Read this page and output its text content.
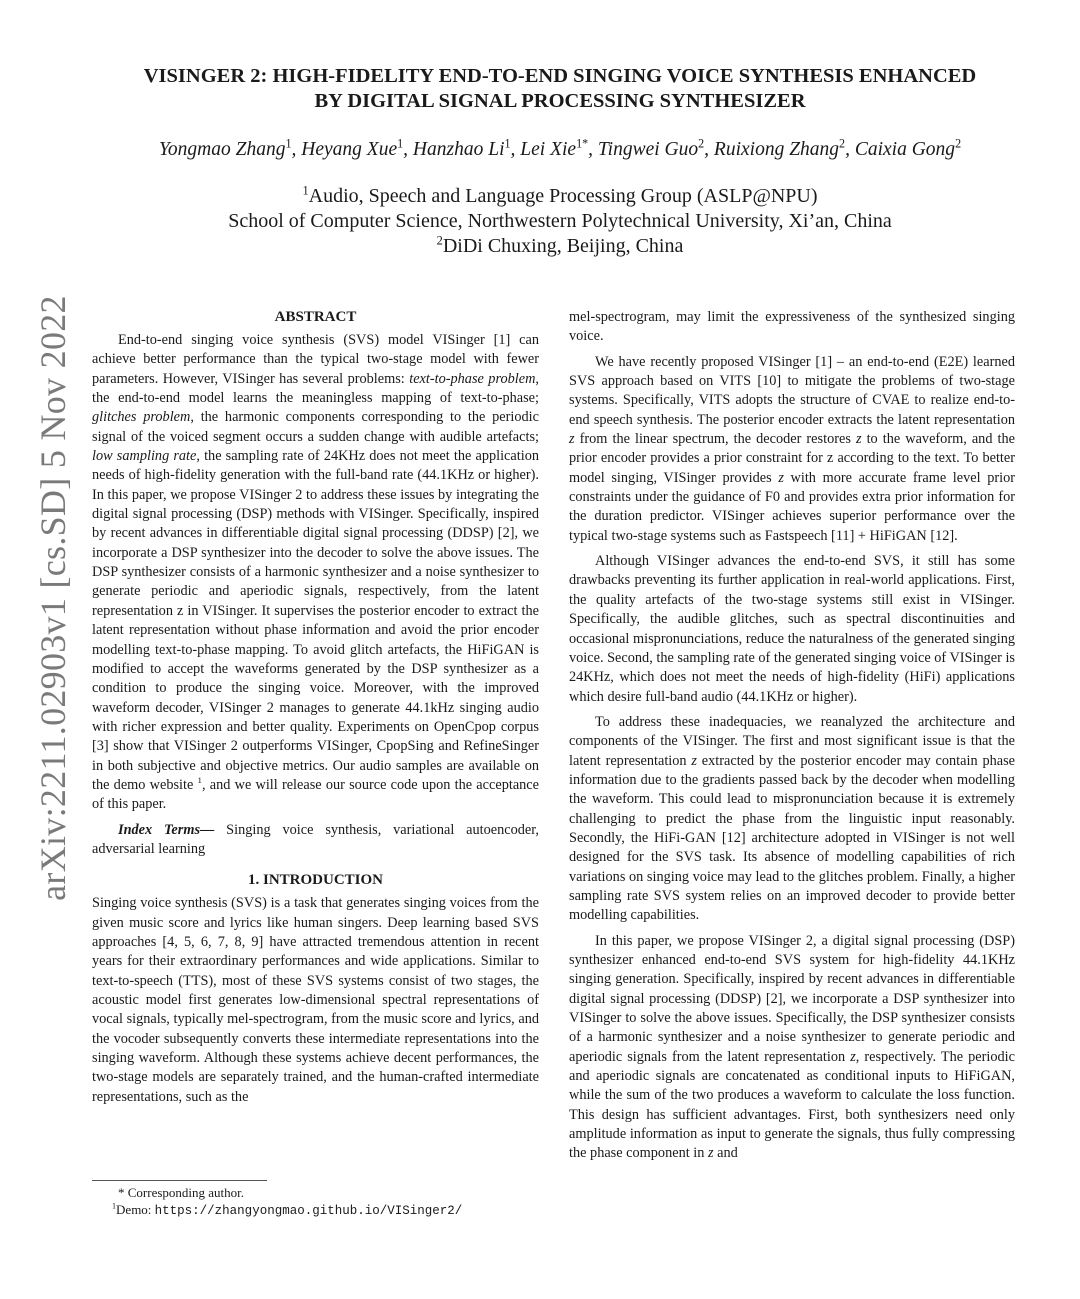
VISINGER 2: HIGH-FIDELITY END-TO-END SINGING VOICE SYNTHESIS ENHANCED
BY DIGITAL SIGNAL PROCESSING SYNTHESIZER
Yongmao Zhang$^1$, Heyang Xue$^1$, Hanzhao Li$^1$, Lei Xie$^{1*}$, Tingwei Guo$^2$, Ruixiong Zhang$^2$, Caixia Gong$^2$
$^1$Audio, Speech and Language Processing Group (ASLP@NPU)
School of Computer Science, Northwestern Polytechnical University, Xi’an, China
$^2$DiDi Chuxing, Beijing, China
arXiv:2211.02903v1 [cs.SD] 5 Nov 2022	ABSTRACT

End-to-end singing voice synthesis (SVS) model VISinger [1] can achieve better performance than the typical two-stage model with fewer parameters. However, VISinger has several problems: text-to-phase problem, the end-to-end model learns the meaningless mapping of text-to-phase; glitches problem, the harmonic components corresponding to the periodic signal of the voiced segment occurs a sudden change with audible artefacts; low sampling rate, the sampling rate of 24KHz does not meet the application needs of high-fidelity generation with the full-band rate (44.1KHz or higher). In this paper, we propose VISinger 2 to address these issues by integrating the digital signal processing (DSP) methods with VISinger. Specifically, inspired by recent advances in differentiable digital signal processing (DDSP) [2], we incorporate a DSP synthesizer into the decoder to solve the above issues. The DSP synthesizer consists of a harmonic synthesizer and a noise synthesizer to generate periodic and aperiodic signals, respectively, from the latent representation z in VISinger. It supervises the posterior encoder to extract the latent representation without phase information and avoid the prior encoder modelling text-to-phase mapping. To avoid glitch artefacts, the HiFiGAN is modified to accept the waveforms generated by the DSP synthesizer as a condition to produce the singing voice. Moreover, with the improved waveform decoder, VISinger 2 manages to generate 44.1kHz singing audio with richer expression and better quality. Experiments on OpenCpop corpus [3] show that VISinger 2 outperforms VISinger, CpopSing and RefineSinger in both subjective and objective metrics. Our audio samples are available on the demo website $^1$, and we will release our source code upon the acceptance of this paper.

Index Terms— Singing voice synthesis, variational autoencoder, adversarial learning

1. INTRODUCTION

Singing voice synthesis (SVS) is a task that generates singing voices from the given music score and lyrics like human singers. Deep learning based SVS approaches [4, 5, 6, 7, 8, 9] have attracted tremendous attention in recent years for their extraordinary performances and wide applications. Similar to text-to-speech (TTS), most of these SVS systems consist of two stages, the acoustic model first generates low-dimensional spectral representations of vocal signals, typically mel-spectrogram, from the music score and lyrics, and the vocoder subsequently converts these intermediate representations into the singing waveform. Although these systems achieve decent performances, the two-stage models are separately trained, and the human-crafted intermediate representations, such as the

* Corresponding author.
$^1$Demo: https://zhangyongmao.github.io/VISinger2/

mel-spectrogram, may limit the expressiveness of the synthesized singing voice.

We have recently proposed VISinger [1] – an end-to-end (E2E) learned SVS approach based on VITS [10] to mitigate the problems of two-stage systems. Specifically, VITS adopts the structure of CVAE to realize end-to-end speech synthesis. The posterior encoder extracts the latent representation z from the linear spectrum, the decoder restores z to the waveform, and the prior encoder provides a prior constraint for z according to the text. To better model singing, VISinger provides z with more accurate frame level prior constraints under the guidance of F0 and provides extra prior information for the duration predictor. VISinger achieves superior performance over the typical two-stage systems such as Fastspeech [11] + HiFiGAN [12].

Although VISinger advances the end-to-end SVS, it still has some drawbacks preventing its further application in real-world applications. First, the quality artefacts of the two-stage systems still exist in VISinger. Specifically, the audible glitches, such as spectral discontinuities and occasional mispronunciations, reduce the naturalness of the generated singing voice. Second, the sampling rate of the generated singing voice of VISinger is 24KHz, which does not meet the needs of high-fidelity (HiFi) applications which desire full-band audio (44.1KHz or higher).

To address these inadequacies, we reanalyzed the architecture and components of the VISinger. The first and most significant issue is that the latent representation z extracted by the posterior encoder may contain phase information due to the gradients passed back by the decoder when modelling the waveform. This could lead to mispronunciation because it is extremely challenging to predict the phase from the linguistic input reasonably. Secondly, the HiFi-GAN [12] architecture adopted in VISinger is not well designed for the SVS task. Its absence of modelling capabilities of rich variations on singing voice may lead to the glitches problem. Finally, a higher sampling rate SVS system relies on an improved decoder to provide better modelling capabilities.

In this paper, we propose VISinger 2, a digital signal processing (DSP) synthesizer enhanced end-to-end SVS system for high-fidelity 44.1KHz singing generation. Specifically, inspired by recent advances in differentiable digital signal processing (DDSP) [2], we incorporate a DSP synthesizer into VISinger to solve the above issues. Specifically, the DSP synthesizer consists of a harmonic synthesizer and a noise synthesizer to generate periodic and aperiodic signals from the latent representation z, respectively. The periodic and aperiodic signals are concatenated as conditional inputs to HiFiGAN, while the sum of the two produces a waveform to calculate the loss function. This design has sufficient advantages. First, both synthesizers need only amplitude information as input to generate the signals, thus fully compressing the phase component in z and
